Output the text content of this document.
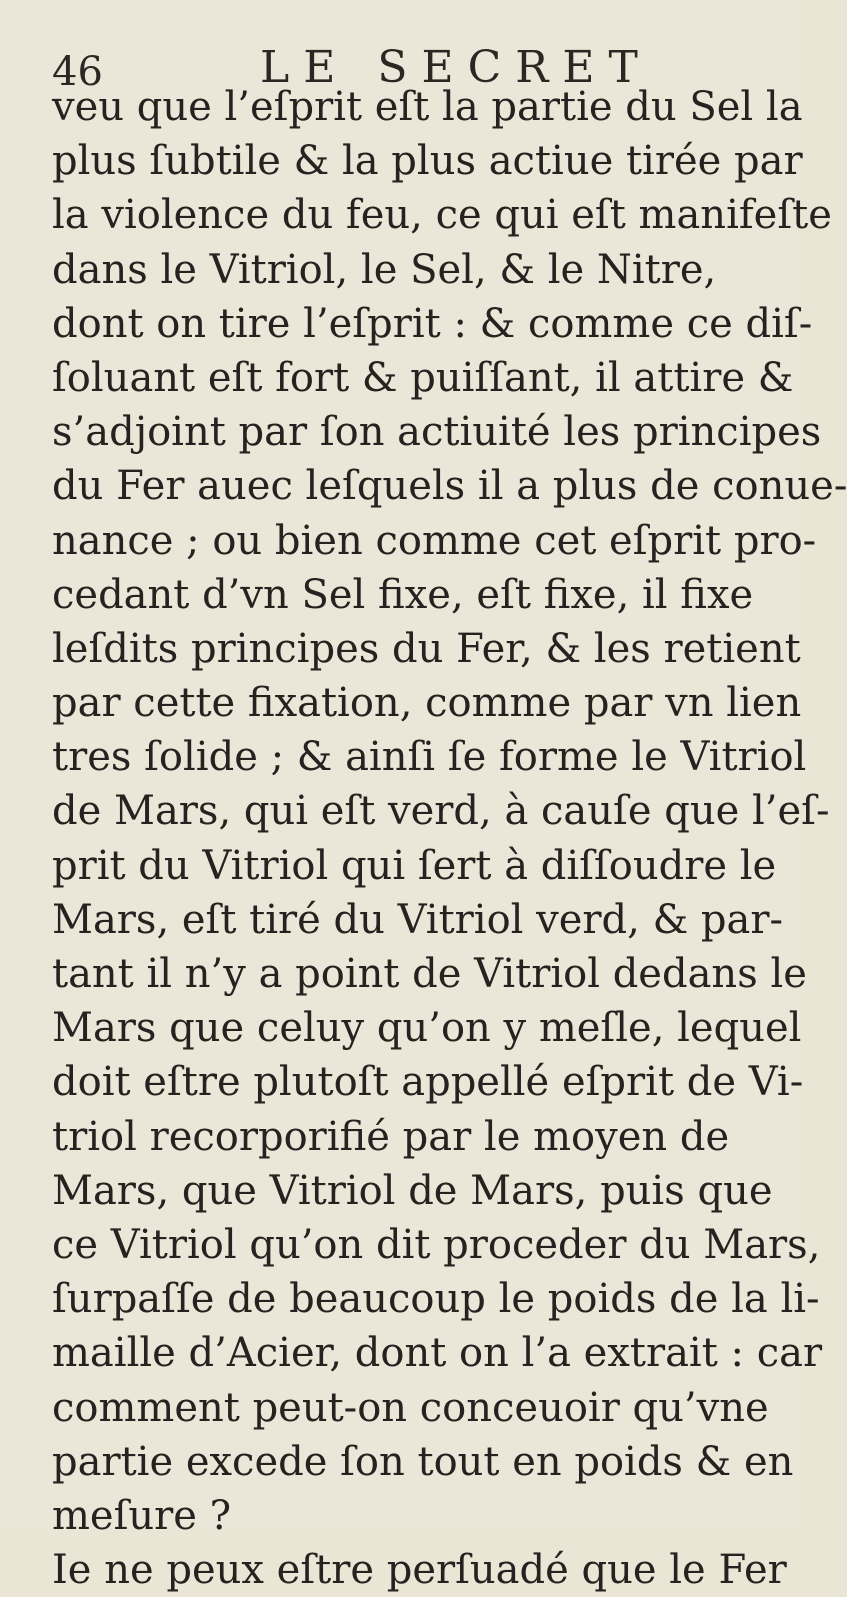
46	LE SECRET
veu que l’eſprit eſt la partie du Sel la
plus ſubtile & la plus actiue tirée par
la violence du feu, ce qui eſt manifeſte
dans le Vitriol, le Sel, & le Nitre,
dont on tire l’eſprit : & comme ce diſ-
ſoluant eſt fort & puiſſant, il attire &
s’adjoint par ſon actiuité les principes
du Fer auec leſquels il a plus de conue-
nance ; ou bien comme cet eſprit pro-
cedant d’vn Sel fixe, eſt fixe, il fixe
leſdits principes du Fer, & les retient
par cette fixation, comme par vn lien
tres ſolide ; & ainſi ſe forme le Vitriol
de Mars, qui eſt verd, à cauſe que l’eſ-
prit du Vitriol qui ſert à diſſoudre le
Mars, eſt tiré du Vitriol verd, & par-
tant il n’y a point de Vitriol dedans le
Mars que celuy qu’on y meſle, lequel
doit eſtre plutoſt appellé eſprit de Vi-
triol recorporifié par le moyen de
Mars, que Vitriol de Mars, puis que
ce Vitriol qu’on dit proceder du Mars,
ſurpaſſe de beaucoup le poids de la li-
maille d’Acier, dont on l’a extrait : car
comment peut-on conceuoir qu’vne
partie excede ſon tout en poids & en
meſure ?
Ie ne peux eſtre perſuadé que le Fer
